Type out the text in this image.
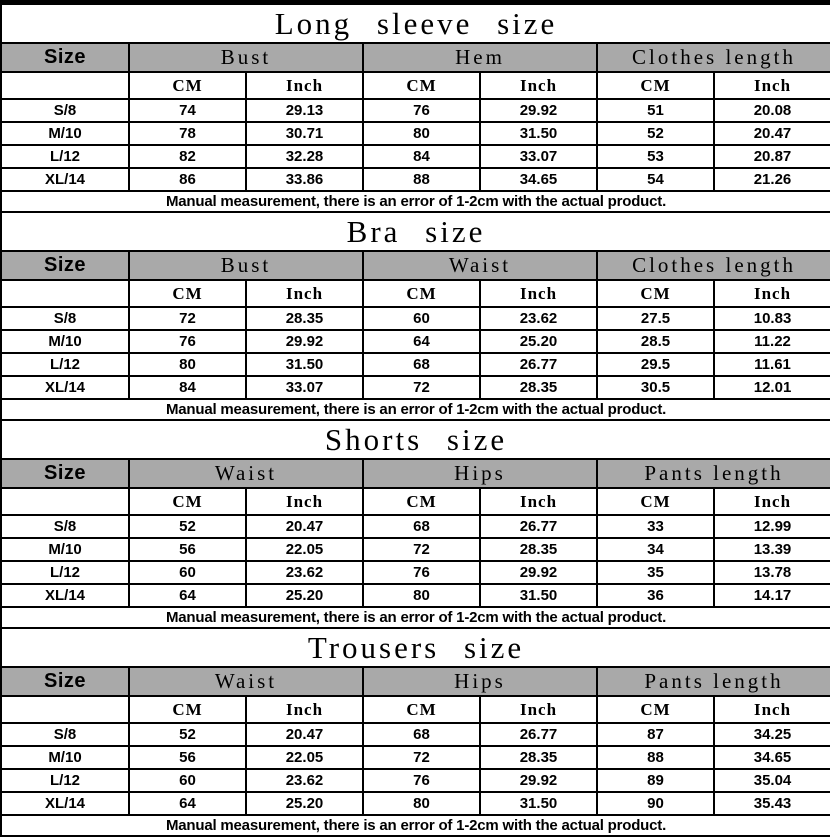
Long sleeve size						
Size	Bust		Hem		Clothes length	
	CM	Inch	CM	Inch	CM	Inch
S/8	74	29.13	76	29.92	51	20.08
M/10	78	30.71	80	31.50	52	20.47
L/12	82	32.28	84	33.07	53	20.87
XL/14	86	33.86	88	34.65	54	21.26
Manual measurement, there is an error of 1-2cm with the actual product.						
Bra size						
Size	Bust		Waist		Clothes length	
	CM	Inch	CM	Inch	CM	Inch
S/8	72	28.35	60	23.62	27.5	10.83
M/10	76	29.92	64	25.20	28.5	11.22
L/12	80	31.50	68	26.77	29.5	11.61
XL/14	84	33.07	72	28.35	30.5	12.01
Manual measurement, there is an error of 1-2cm with the actual product.						
Shorts size						
Size	Waist		Hips		Pants length	
	CM	Inch	CM	Inch	CM	Inch
S/8	52	20.47	68	26.77	33	12.99
M/10	56	22.05	72	28.35	34	13.39
L/12	60	23.62	76	29.92	35	13.78
XL/14	64	25.20	80	31.50	36	14.17
Manual measurement, there is an error of 1-2cm with the actual product.						
Trousers size						
Size	Waist		Hips		Pants length	
	CM	Inch	CM	Inch	CM	Inch
S/8	52	20.47	68	26.77	87	34.25
M/10	56	22.05	72	28.35	88	34.65
L/12	60	23.62	76	29.92	89	35.04
XL/14	64	25.20	80	31.50	90	35.43
Manual measurement, there is an error of 1-2cm with the actual product.						
